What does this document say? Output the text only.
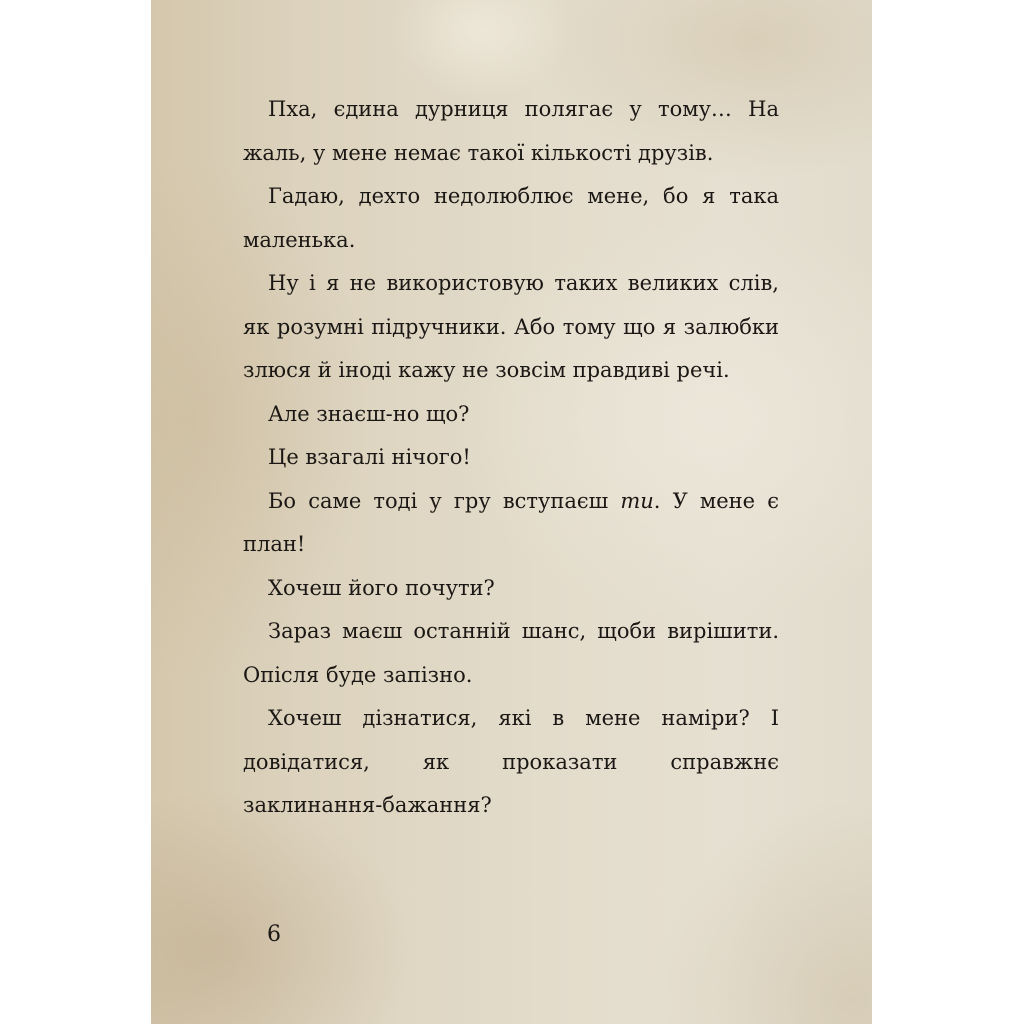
Пха, єдина дурниця полягає у тому… На жаль, у мене немає такої кількості друзів.

Гадаю, дехто недолюблює мене, бо я така маленька.

Ну і я не використовую таких великих слів, як розумні підручники. Або тому що я залюбки злюся й іноді кажу не зовсім правдиві речі.

Але знаєш-но що?

Це взагалі нічого!

Бо саме тоді у гру вступаєш ти. У мене є план!

Хочеш його почути?

Зараз маєш останній шанс, щоби вирішити. Опісля буде запізно.

Хочеш дізнатися, які в мене наміри? І довідатися, як проказати справжнє заклинання-бажання?

6
